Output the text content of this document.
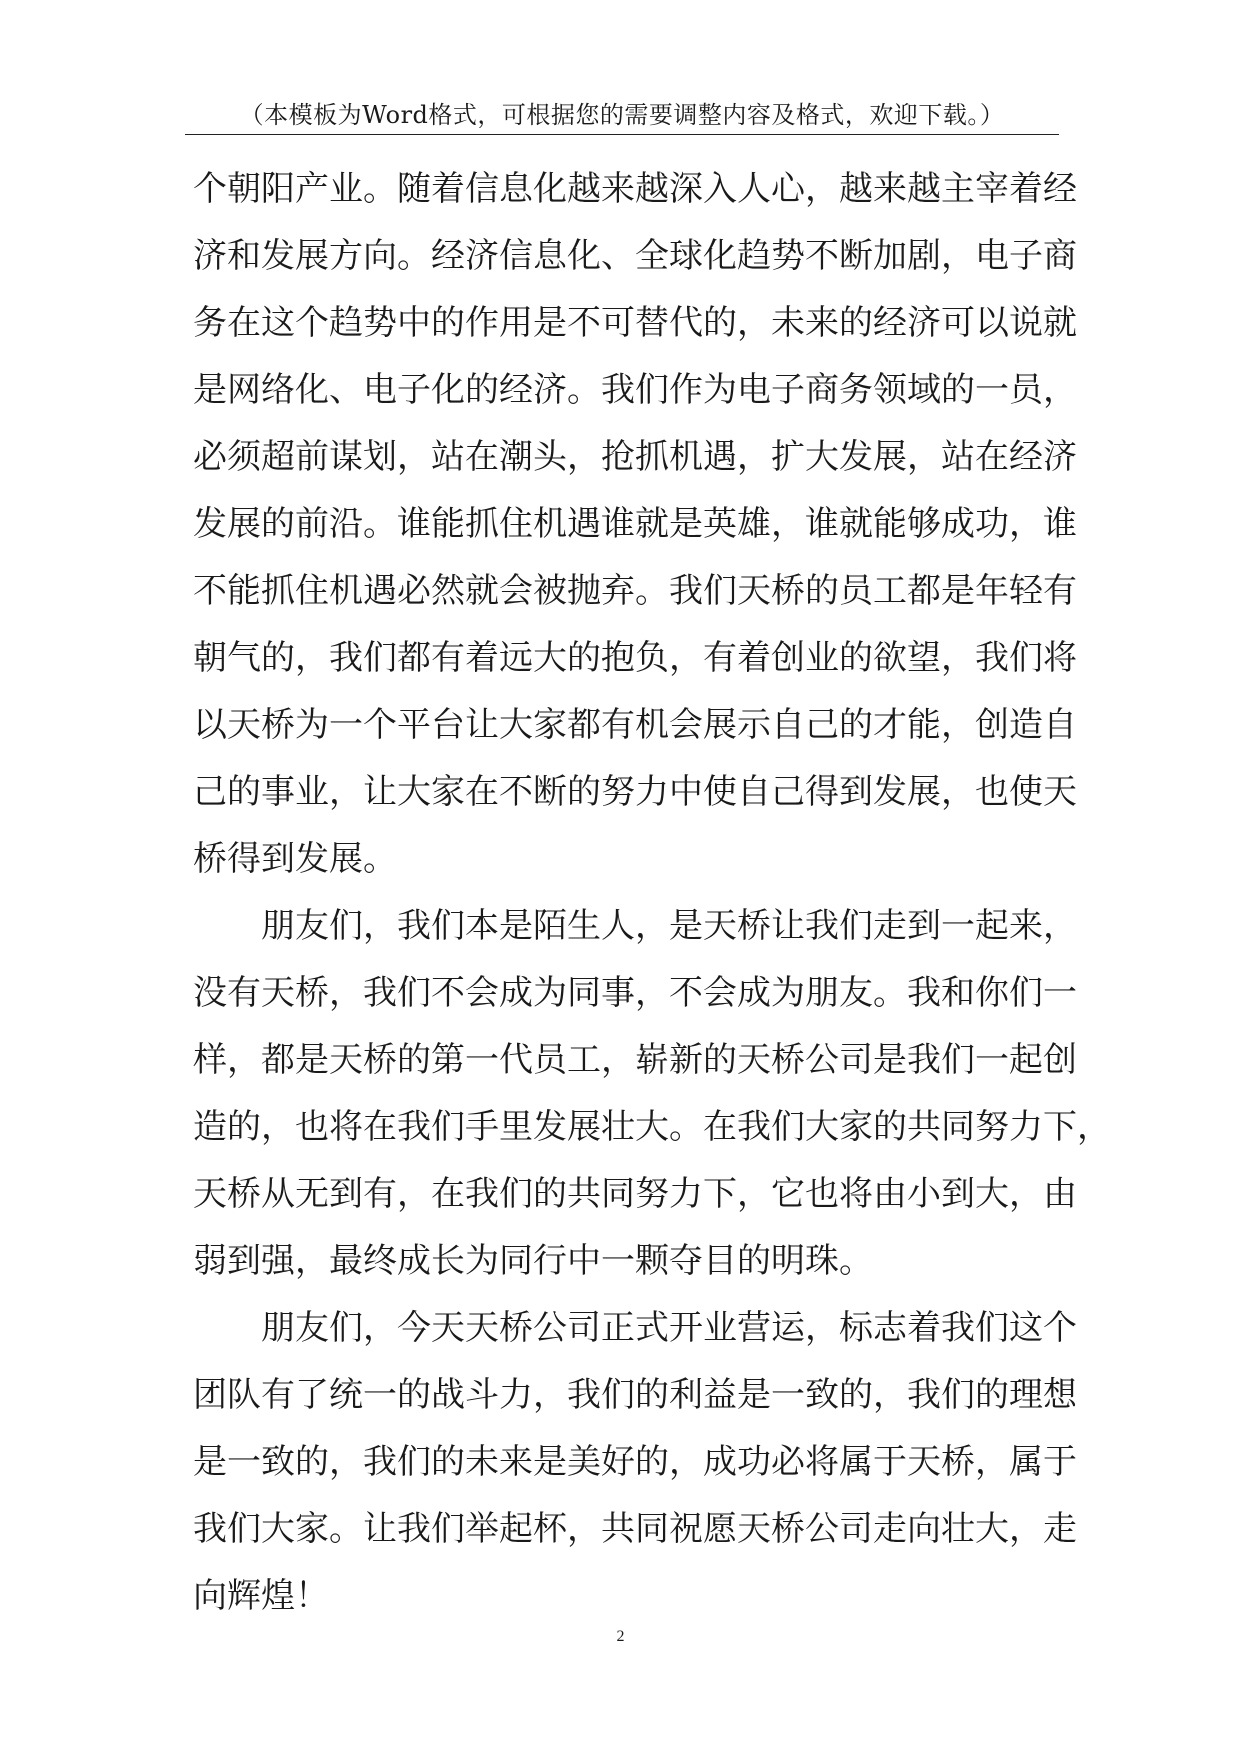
（本模板为Word格式，可根据您的需要调整内容及格式，欢迎下载。）
个朝阳产业。随着信息化越来越深入人心，越来越主宰着经
济和发展方向。经济信息化、全球化趋势不断加剧，电子商
务在这个趋势中的作用是不可替代的，未来的经济可以说就
是网络化、电子化的经济。我们作为电子商务领域的一员，
必须超前谋划，站在潮头，抢抓机遇，扩大发展，站在经济
发展的前沿。谁能抓住机遇谁就是英雄，谁就能够成功，谁
不能抓住机遇必然就会被抛弃。我们天桥的员工都是年轻有
朝气的，我们都有着远大的抱负，有着创业的欲望，我们将
以天桥为一个平台让大家都有机会展示自己的才能，创造自
己的事业，让大家在不断的努力中使自己得到发展，也使天
桥得到发展。
朋友们，我们本是陌生人，是天桥让我们走到一起来，
没有天桥，我们不会成为同事，不会成为朋友。我和你们一
样，都是天桥的第一代员工，崭新的天桥公司是我们一起创
造的，也将在我们手里发展壮大。在我们大家的共同努力下，
天桥从无到有，在我们的共同努力下，它也将由小到大，由
弱到强，最终成长为同行中一颗夺目的明珠。
朋友们，今天天桥公司正式开业营运，标志着我们这个
团队有了统一的战斗力，我们的利益是一致的，我们的理想
是一致的，我们的未来是美好的，成功必将属于天桥，属于
我们大家。让我们举起杯，共同祝愿天桥公司走向壮大，走
向辉煌！
2
